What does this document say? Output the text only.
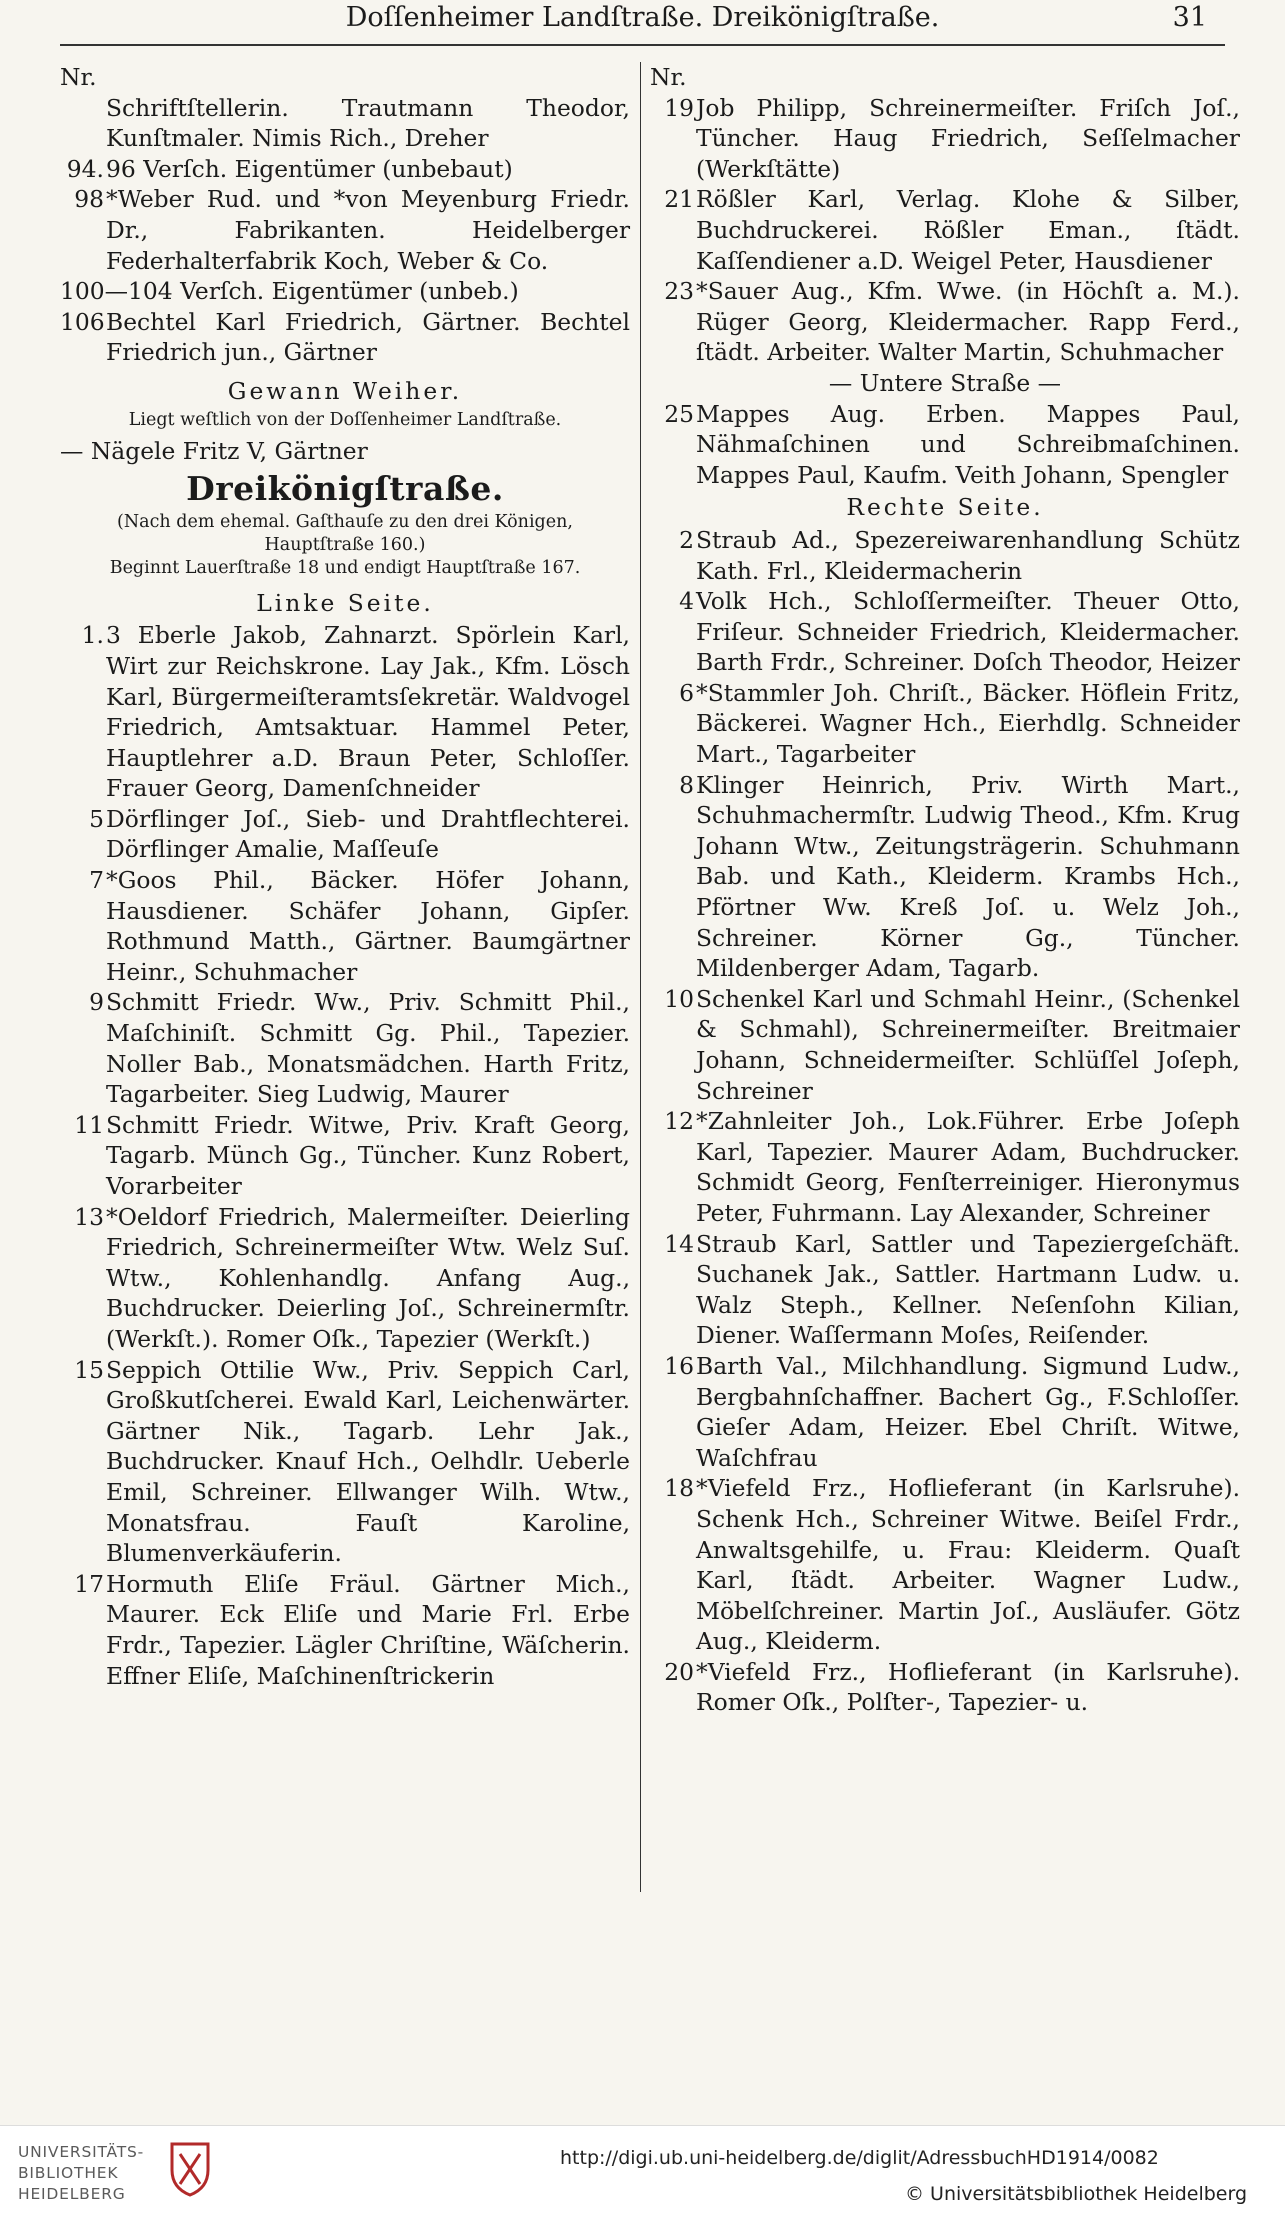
Doſſenheimer Landſtraße. Dreikönigſtraße.	31
Nr.
Schriftſtellerin. Trautmann Theodor, Kunſtmaler. Nimis Rich., Dreher
94. 96 Verſch. Eigentümer (unbebaut)
98 *Weber Rud. und *von Meyenburg Friedr. Dr., Fabrikanten. Heidelberger Federhalterfabrik Koch, Weber & Co.
100—104 Verſch. Eigentümer (unbeb.)
106 Bechtel Karl Friedrich, Gärtner. Bechtel Friedrich jun., Gärtner
Gewann Weiher.
Liegt weſtlich von der Doſſenheimer Landſtraße.
— Nägele Fritz V, Gärtner
Dreikönigſtraße.
(Nach dem ehemal. Gaſthauſe zu den drei Königen, Hauptſtraße 160.)
Beginnt Lauerſtraße 18 und endigt Hauptſtraße 167.
Linke Seite.
1. 3 Eberle Jakob, Zahnarzt. Spörlein Karl, Wirt zur Reichskrone. Lay Jak., Kfm. Lösch Karl, Bürgermeiſteramtsſekretär. Waldvogel Friedrich, Amtsaktuar. Hammel Peter, Hauptlehrer a.D. Braun Peter, Schloſſer. Frauer Georg, Damenſchneider
5 Dörflinger Joſ., Sieb- und Drahtflechterei. Dörflinger Amalie, Maſſeuſe
7 *Goos Phil., Bäcker. Höfer Johann, Hausdiener. Schäfer Johann, Gipſer. Rothmund Matth., Gärtner. Baumgärtner Heinr., Schuhmacher
9 Schmitt Friedr. Ww., Priv. Schmitt Phil., Maſchiniſt. Schmitt Gg. Phil., Tapezier. Noller Bab., Monatsmädchen. Harth Fritz, Tagarbeiter. Sieg Ludwig, Maurer
11 Schmitt Friedr. Witwe, Priv. Kraft Georg, Tagarb. Münch Gg., Tüncher. Kunz Robert, Vorarbeiter
13 *Oeldorf Friedrich, Malermeiſter. Deierling Friedrich, Schreinermeiſter Wtw. Welz Suſ. Wtw., Kohlenhandlg. Anfang Aug., Buchdrucker. Deierling Joſ., Schreinermſtr. (Werkſt.). Romer Oſk., Tapezier (Werkſt.)
15 Seppich Ottilie Ww., Priv. Seppich Carl, Großkutſcherei. Ewald Karl, Leichenwärter. Gärtner Nik., Tagarb. Lehr Jak., Buchdrucker. Knauf Hch., Oelhdlr. Ueberle Emil, Schreiner. Ellwanger Wilh. Wtw., Monatsfrau. Fauſt Karoline, Blumenverkäuferin.
17 Hormuth Eliſe Fräul. Gärtner Mich., Maurer. Eck Eliſe und Marie Frl. Erbe Frdr., Tapezier. Lägler Chriſtine, Wäſcherin. Effner Eliſe, Maſchinenſtrickerin
Nr.
19 Job Philipp, Schreinermeiſter. Friſch Joſ., Tüncher. Haug Friedrich, Seſſelmacher (Werkſtätte)
21 Rößler Karl, Verlag. Klohe & Silber, Buchdruckerei. Rößler Eman., ſtädt. Kaſſendiener a.D. Weigel Peter, Hausdiener
23 *Sauer Aug., Kfm. Wwe. (in Höchſt a. M.). Rüger Georg, Kleidermacher. Rapp Ferd., ſtädt. Arbeiter. Walter Martin, Schuhmacher
— Untere Straße —
25 Mappes Aug. Erben. Mappes Paul, Nähmaſchinen und Schreibmaſchinen. Mappes Paul, Kaufm. Veith Johann, Spengler
Rechte Seite.
2 Straub Ad., Spezereiwarenhandlung Schütz Kath. Frl., Kleidermacherin
4 Volk Hch., Schloſſermeiſter. Theuer Otto, Friſeur. Schneider Friedrich, Kleidermacher. Barth Frdr., Schreiner. Doſch Theodor, Heizer
6 *Stammler Joh. Chriſt., Bäcker. Höflein Fritz, Bäckerei. Wagner Hch., Eierhdlg. Schneider Mart., Tagarbeiter
8 Klinger Heinrich, Priv. Wirth Mart., Schuhmachermſtr. Ludwig Theod., Kfm. Krug Johann Wtw., Zeitungsträgerin. Schuhmann Bab. und Kath., Kleiderm. Krambs Hch., Pförtner Ww. Kreß Joſ. u. Welz Joh., Schreiner. Körner Gg., Tüncher. Mildenberger Adam, Tagarb.
10 Schenkel Karl und Schmahl Heinr., (Schenkel & Schmahl), Schreinermeiſter. Breitmaier Johann, Schneidermeiſter. Schlüſſel Joſeph, Schreiner
12 *Zahnleiter Joh., Lok.Führer. Erbe Joſeph Karl, Tapezier. Maurer Adam, Buchdrucker. Schmidt Georg, Fenſterreiniger. Hieronymus Peter, Fuhrmann. Lay Alexander, Schreiner
14 Straub Karl, Sattler und Tapeziergeſchäft. Suchanek Jak., Sattler. Hartmann Ludw. u. Walz Steph., Kellner. Neſenſohn Kilian, Diener. Waſſermann Moſes, Reiſender.
16 Barth Val., Milchhandlung. Sigmund Ludw., Bergbahnſchaffner. Bachert Gg., F.Schloſſer. Gieſer Adam, Heizer. Ebel Chriſt. Witwe, Waſchfrau
18 *Viefeld Frz., Hoflieferant (in Karlsruhe). Schenk Hch., Schreiner Witwe. Beiſel Frdr., Anwaltsgehilfe, u. Frau: Kleiderm. Quaſt Karl, ſtädt. Arbeiter. Wagner Ludw., Möbelſchreiner. Martin Joſ., Ausläufer. Götz Aug., Kleiderm.
20 *Viefeld Frz., Hoflieferant (in Karlsruhe). Romer Oſk., Polſter-, Tapezier- u.
UNIVERSITÄTS-
BIBLIOTHEK
HEIDELBERG
http://digi.ub.uni-heidelberg.de/diglit/AdressbuchHD1914/0082
© Universitätsbibliothek Heidelberg
